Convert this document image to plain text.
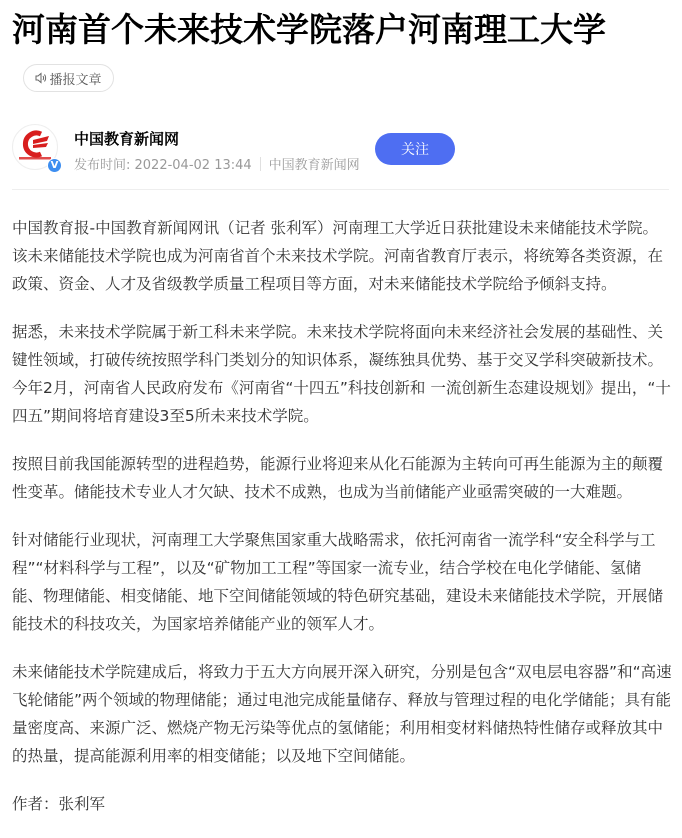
河南首个未来技术学院落户河南理工大学
播报文章
V
中国教育新闻网
发布时间: 2022-04-02 13:44 中国教育新闻网
关注

中国教育报-中国教育新闻网讯（记者 张利军）河南理工大学近日获批建设未来储能技术学院。该未来储能技术学院也成为河南省首个未来技术学院。河南省教育厅表示，将统筹各类资源，在政策、资金、人才及省级教学质量工程项目等方面，对未来储能技术学院给予倾斜支持。

据悉，未来技术学院属于新工科未来学院。未来技术学院将面向未来经济社会发展的基础性、关键性领域，打破传统按照学科门类划分的知识体系，凝练独具优势、基于交叉学科突破新技术。今年2月，河南省人民政府发布《河南省“十四五”科技创新和 一流创新生态建设规划》提出，“十四五”期间将培育建设3至5所未来技术学院。

按照目前我国能源转型的进程趋势，能源行业将迎来从化石能源为主转向可再生能源为主的颠覆性变革。储能技术专业人才欠缺、技术不成熟，也成为当前储能产业亟需突破的一大难题。

针对储能行业现状，河南理工大学聚焦国家重大战略需求，依托河南省一流学科“安全科学与工程”“材料科学与工程”，以及“矿物加工工程”等国家一流专业，结合学校在电化学储能、氢储能、物理储能、相变储能、地下空间储能领域的特色研究基础，建设未来储能技术学院，开展储能技术的科技攻关，为国家培养储能产业的领军人才。

未来储能技术学院建成后，将致力于五大方向展开深入研究，分别是包含“双电层电容器”和“高速飞轮储能”两个领域的物理储能；通过电池完成能量储存、释放与管理过程的电化学储能；具有能量密度高、来源广泛、燃烧产物无污染等优点的氢储能；利用相变材料储热特性储存或释放其中的热量，提高能源利用率的相变储能；以及地下空间储能。

作者：张利军
